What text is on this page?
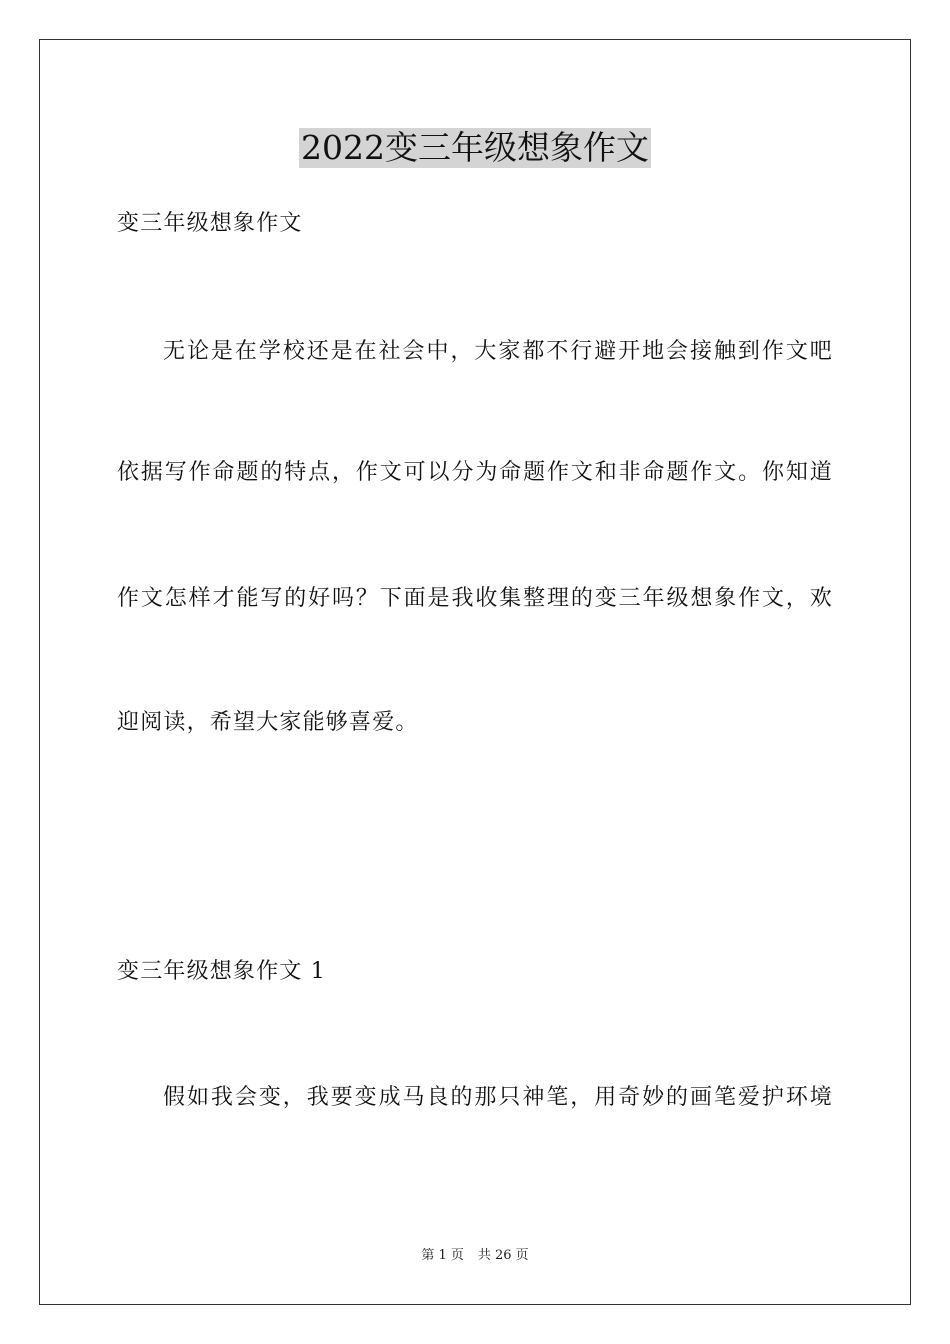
2022变三年级想象作文
变三年级想象作文
无论是在学校还是在社会中，大家都不行避开地会接触到作文吧
依据写作命题的特点，作文可以分为命题作文和非命题作文。你知道
作文怎样才能写的好吗？下面是我收集整理的变三年级想象作文，欢
迎阅读，希望大家能够喜爱。
变三年级想象作文 1
假如我会变，我要变成马良的那只神笔，用奇妙的画笔爱护环境
第 1 页 共 26 页
